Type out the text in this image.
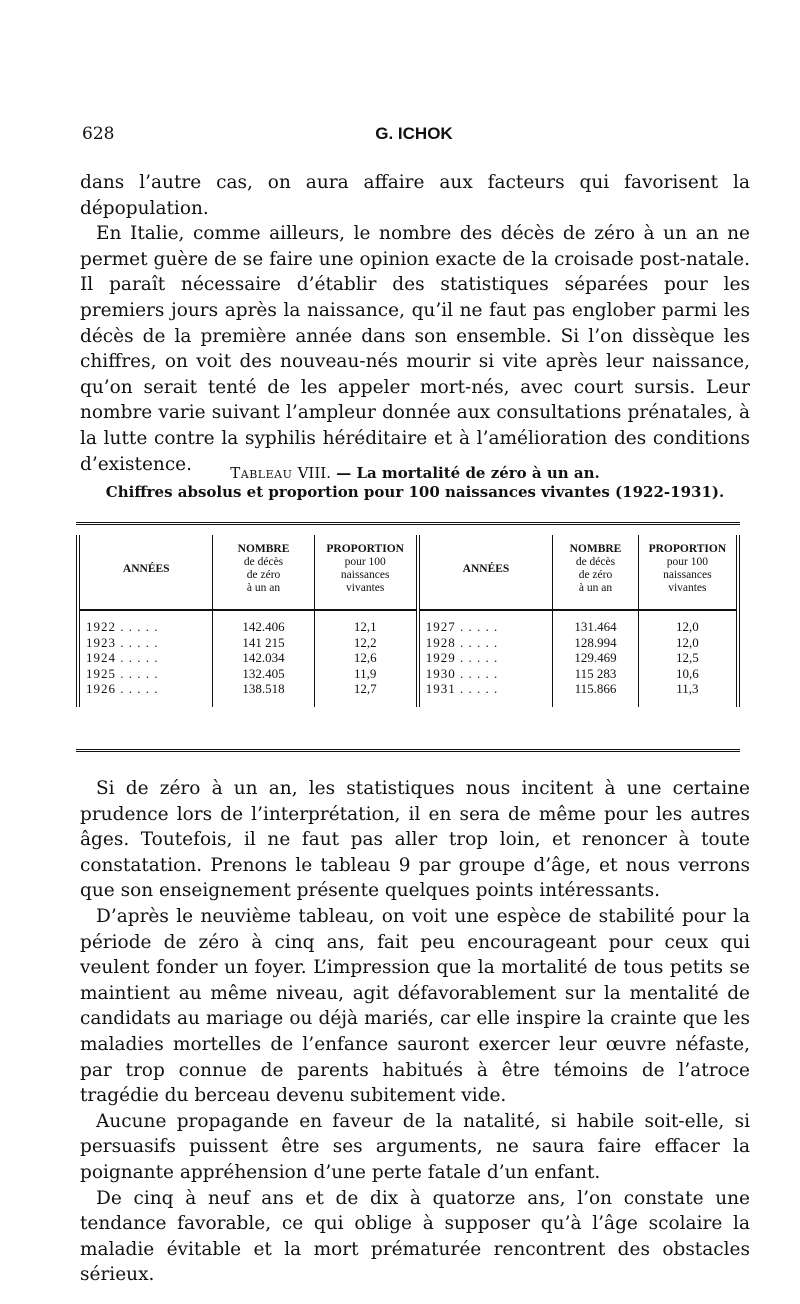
628	G. ICHOK

dans l’autre cas, on aura affaire aux facteurs qui favorisent la dépopulation.

En Italie, comme ailleurs, le nombre des décès de zéro à un an ne permet guère de se faire une opinion exacte de la croisade post-natale. Il paraît nécessaire d’établir des statistiques séparées pour les premiers jours après la naissance, qu’il ne faut pas englober parmi les décès de la première année dans son ensemble. Si l’on dissèque les chiffres, on voit des nouveau-nés mourir si vite après leur naissance, qu’on serait tenté de les appeler mort-nés, avec court sursis. Leur nombre varie suivant l’ampleur donnée aux consultations prénatales, à la lutte contre la syphilis héréditaire et à l’amélioration des conditions d’existence.	Tableau VIII. — La mortalité de zéro à un an.
Chiffres absolus et proportion pour 100 naissances vivantes (1922-1931).
ANNÉES	NOMBRE
de décès
de zéro
à un an	PROPORTION
pour 100
naissances
vivantes	ANNÉES	NOMBRE
de décès
de zéro
à un an	PROPORTION
pour 100
naissances
vivantes
1922 . . . . .	142.406	12,1	1927 . . . . .	131.464	12,0
1923 . . . . .	141 215	12,2	1928 . . . . .	128.994	12,0
1924 . . . . .	142.034	12,6	1929 . . . . .	129.469	12,5
1925 . . . . .	132.405	11,9	1930 . . . . .	115 283	10,6
1926 . . . . .	138.518	12,7	1931 . . . . .	115.866	11,3

Si de zéro à un an, les statistiques nous incitent à une certaine prudence lors de l’interprétation, il en sera de même pour les autres âges. Toutefois, il ne faut pas aller trop loin, et renoncer à toute constatation. Prenons le tableau 9 par groupe d’âge, et nous verrons que son enseignement présente quelques points intéressants.

D’après le neuvième tableau, on voit une espèce de stabilité pour la période de zéro à cinq ans, fait peu encourageant pour ceux qui veulent fonder un foyer. L’impression que la mortalité de tous petits se maintient au même niveau, agit défavorablement sur la mentalité de candidats au mariage ou déjà mariés, car elle inspire la crainte que les maladies mortelles de l’enfance sauront exercer leur œuvre néfaste, par trop connue de parents habitués à être témoins de l’atroce tragédie du berceau devenu subitement vide.

Aucune propagande en faveur de la natalité, si habile soit-elle, si persuasifs puissent être ses arguments, ne saura faire effacer la poignante appréhension d’une perte fatale d’un enfant.

De cinq à neuf ans et de dix à quatorze ans, l’on constate une tendance favorable, ce qui oblige à supposer qu’à l’âge scolaire la maladie évitable et la mort prématurée rencontrent des obstacles sérieux.
